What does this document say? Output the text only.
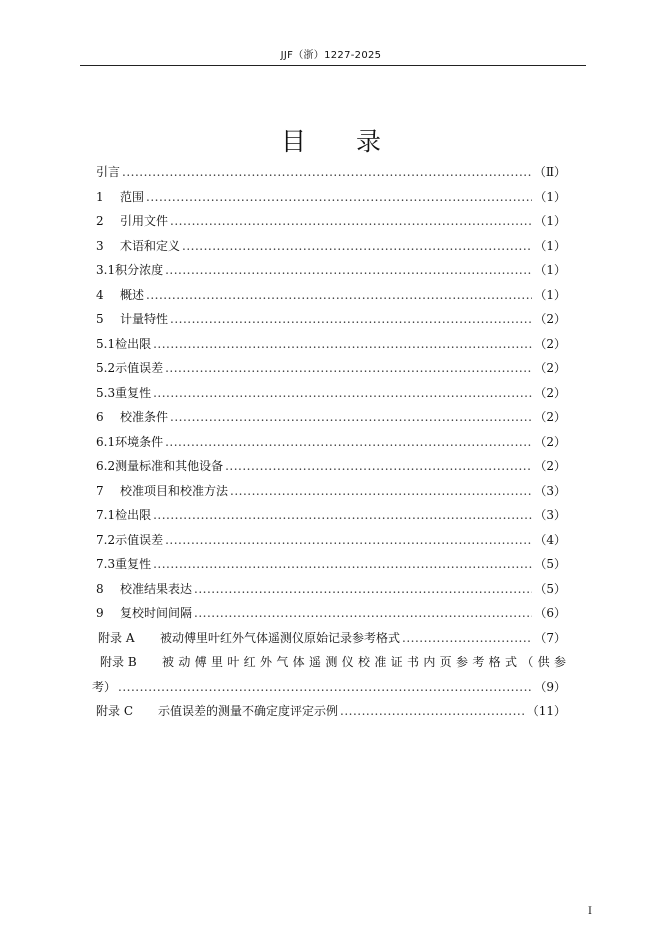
JJF（浙）1227-2025
目 录
引言 .....	（Ⅱ）
1 范围 .....	（1）
2 引用文件 .....	（1）
3 术语和定义 .....	（1）
3.1积分浓度 .....	（1）
4 概述 .....	（1）
5 计量特性 .....	（2）
5.1检出限 .....	（2）
5.2示值误差 .....	（2）
5.3重复性 .....	（2）
6 校准条件 .....	（2）
6.1环境条件 .....	（2）
6.2测量标准和其他设备 .....	（2）
7 校准项目和校准方法 .....	（3）
7.1检出限 .....	（3）
7.2示值误差 .....	（4）
7.3重复性 .....	（5）
8 校准结果表达 .....	（5）
9 复校时间间隔 .....	（6）
附录 A 被动傅里叶红外气体遥测仪原始记录参考格式 .....	（7）
附录 B	被动傅里叶红外气体遥测仪校准证书内页参考格式（供参
考） .....	（9）
附录 C 示值误差的测量不确定度评定示例 .....	（11）
I
